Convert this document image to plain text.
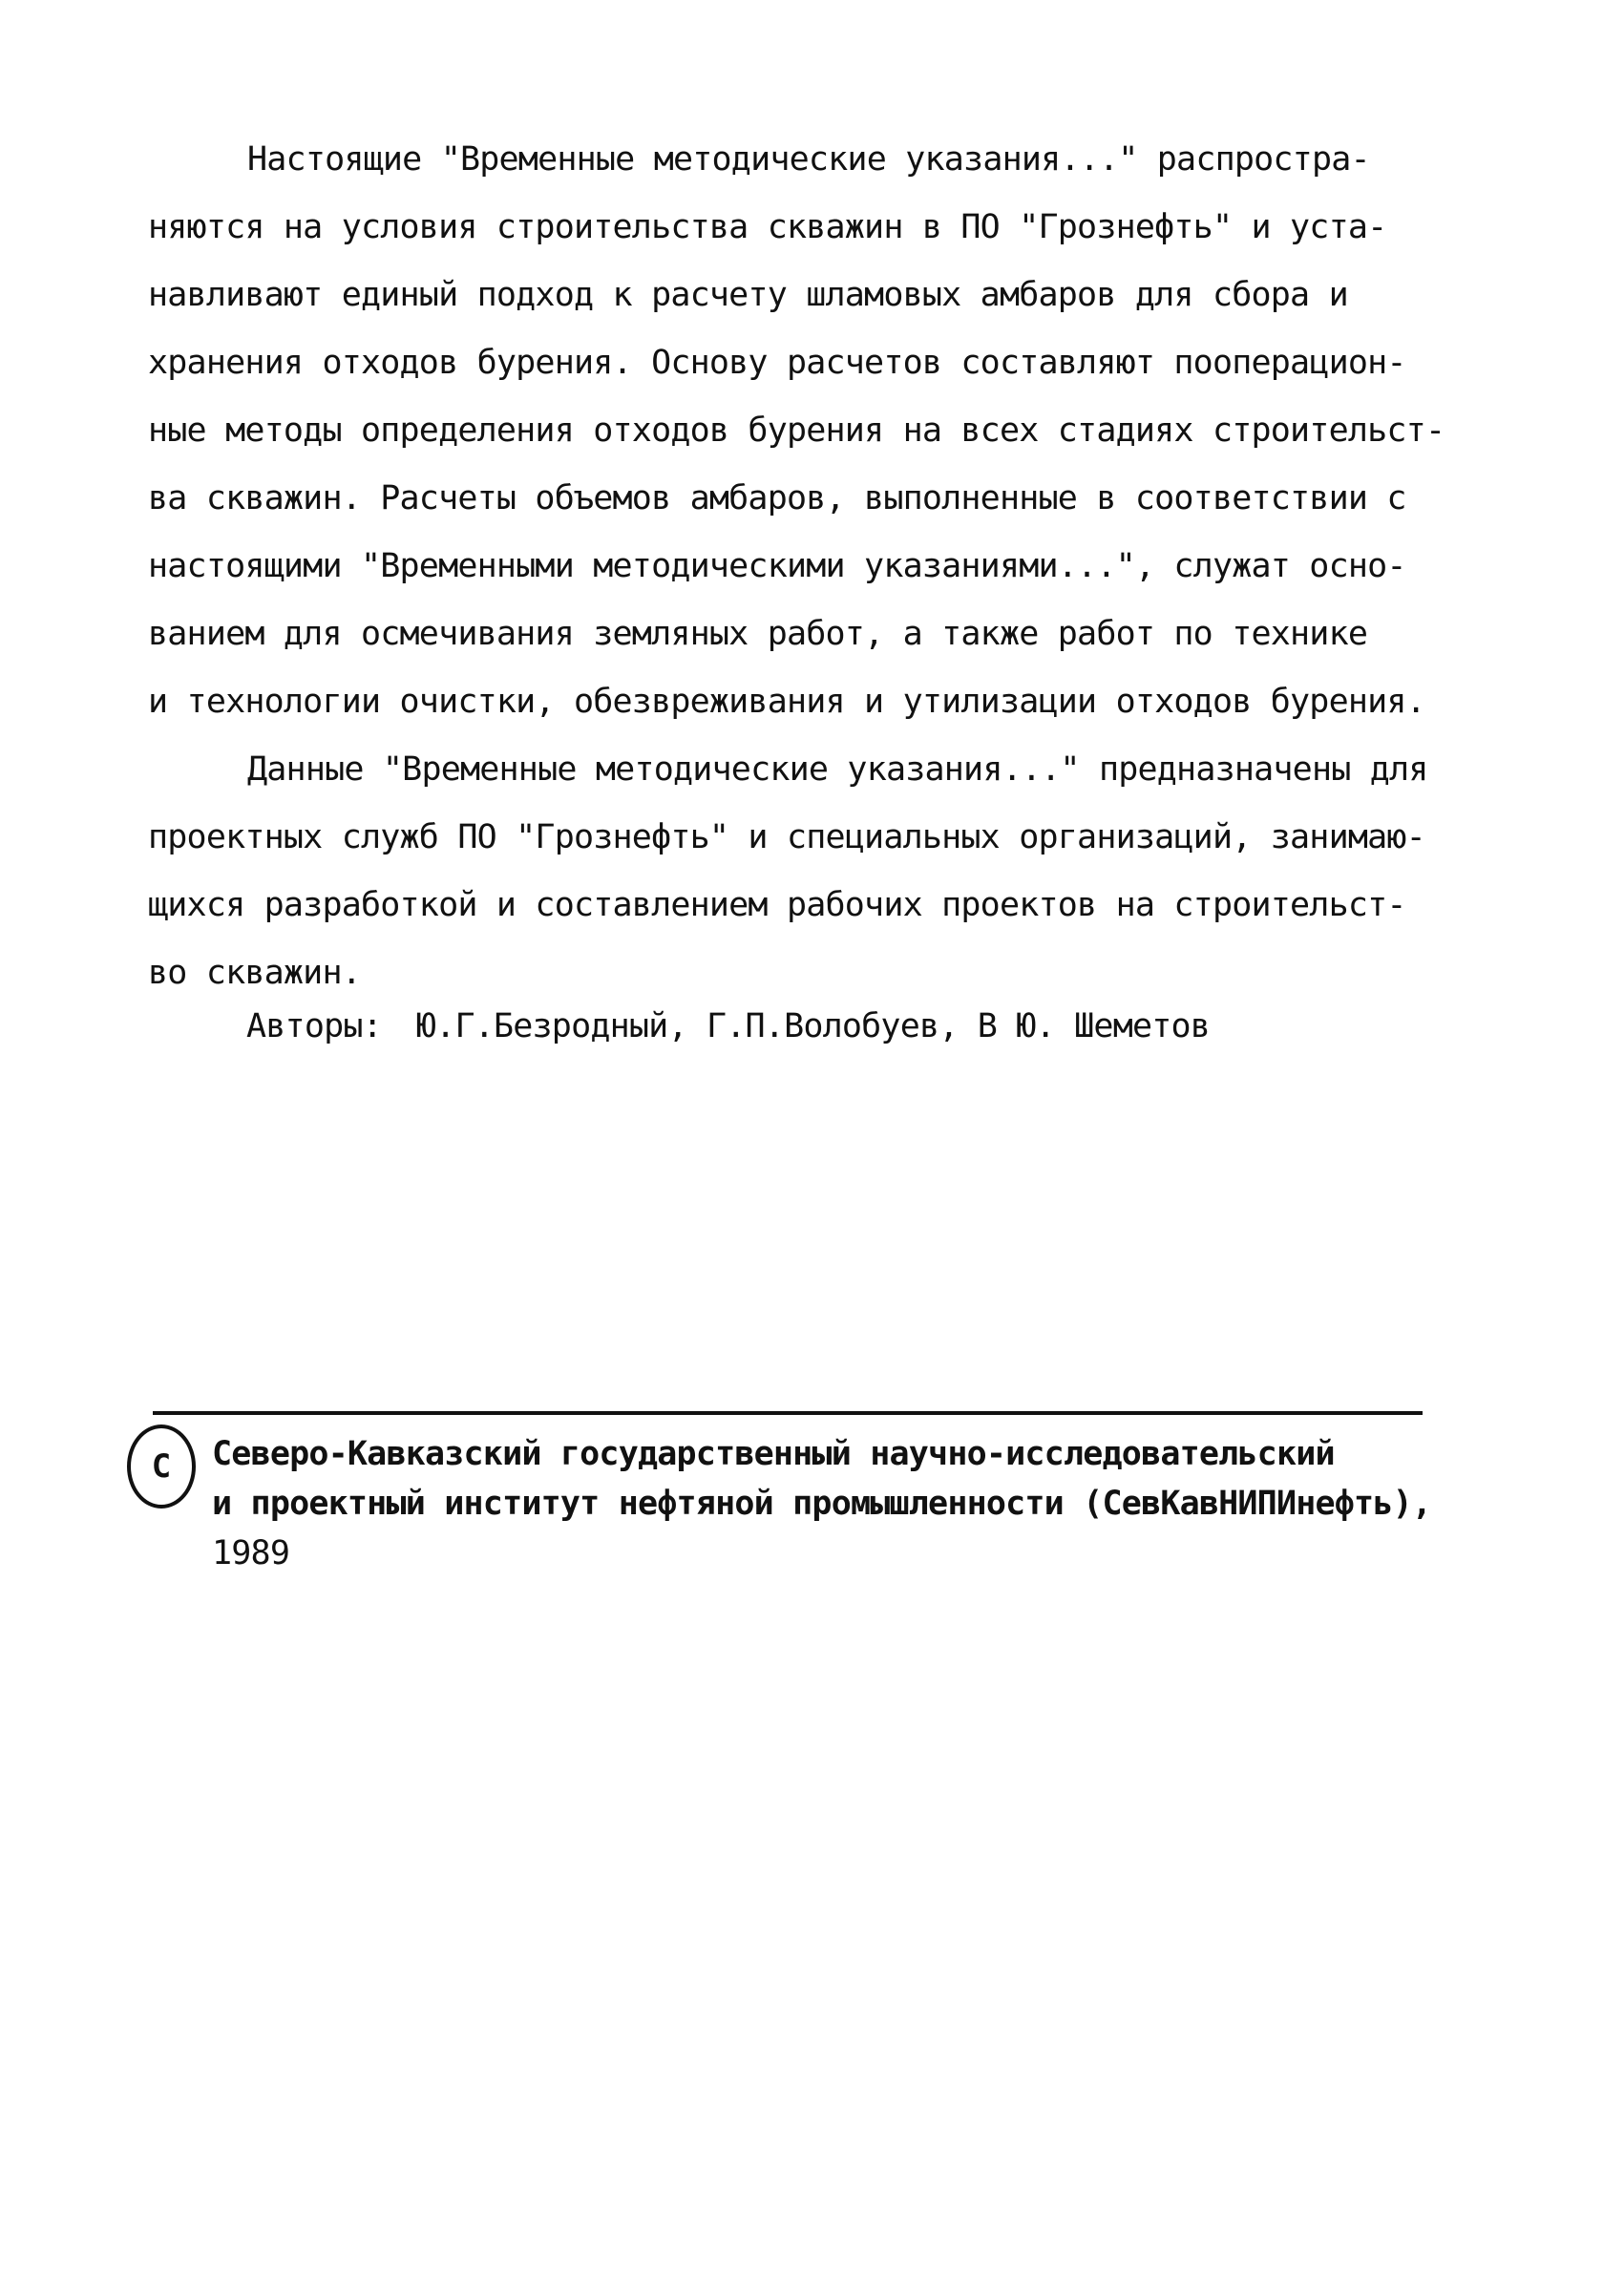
Настоящие "Временные методические указания..." распростра-
няются на условия строительства скважин в ПО "Грознефть" и уста-
навливают единый подход к расчету шламовых амбаров для сбора и
хранения отходов бурения. Основу расчетов составляют пооперацион-
ные методы определения отходов бурения на всех стадиях строительст-
ва скважин. Расчеты объемов амбаров, выполненные в соответствии с
настоящими "Временными методическими указаниями...", служат осно-
ванием для осмечивания земляных работ, а также работ по технике
и технологии очистки, обезвреживания и утилизации отходов бурения.
Данные "Временные методические указания..." предназначены для
проектных служб ПО "Грознефть" и специальных организаций, занимаю-
щихся разработкой и составлением рабочих проектов на строительст-
во скважин.
Авторы: Ю.Г.Безродный, Г.П.Волобуев, В Ю. Шеметов
C Северо-Кавказский государственный научно-исследовательский
и проектный институт нефтяной промышленности (СевКавНИПИнефть),
1989
